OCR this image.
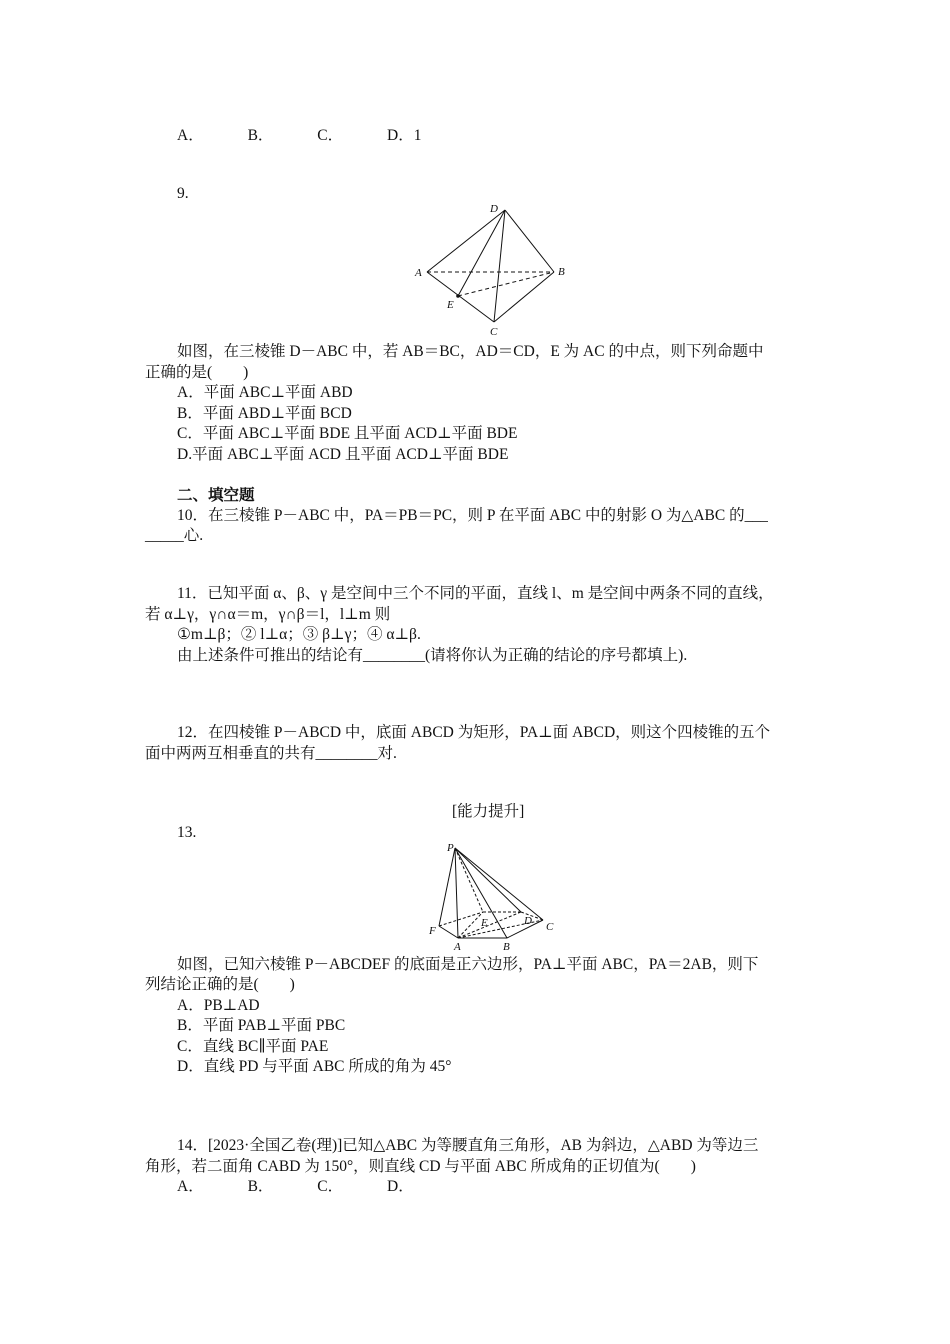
A．	B．	C．	D．1
9.
D
A	B
E
C
如图，在三棱锥 D－ABC 中，若 AB＝BC，AD＝CD，E 为 AC 的中点，则下列命题中
正确的是(　　)
A．平面 ABC⊥平面 ABD
B．平面 ABD⊥平面 BCD
C．平面 ABC⊥平面 BDE 且平面 ACD⊥平面 BDE
D.平面 ABC⊥平面 ACD 且平面 ACD⊥平面 BDE
二、填空题
10．在三棱锥 P－ABC 中，PA＝PB＝PC，则 P 在平面 ABC 中的射影 O 为△ABC 的___
_____心.
11．已知平面 α、β、γ 是空间中三个不同的平面，直线 l、m 是空间中两条不同的直线，
若 α⊥γ，γ∩α＝m，γ∩β＝l，l⊥m 则
①m⊥β；② l⊥α；③ β⊥γ；④ α⊥β.
由上述条件可推出的结论有________(请将你认为正确的结论的序号都填上).
12．在四棱锥 P－ABCD 中，底面 ABCD 为矩形，PA⊥面 ABCD，则这个四棱锥的五个
面中两两互相垂直的共有________对.
[能力提升]
13.
P
F
A	B
E	D C
如图，已知六棱锥 P－ABCDEF 的底面是正六边形，PA⊥平面 ABC，PA＝2AB，则下
列结论正确的是(　　)
A．PB⊥AD
B．平面 PAB⊥平面 PBC
C．直线 BC∥平面 PAE
D．直线 PD 与平面 ABC 所成的角为 45°
14．[2023·全国乙卷(理)]已知△ABC 为等腰直角三角形，AB 为斜边，△ABD 为等边三
角形，若二面角 CABD 为 150°，则直线 CD 与平面 ABC 所成角的正切值为(　　)
A．	B．	C．	D．
